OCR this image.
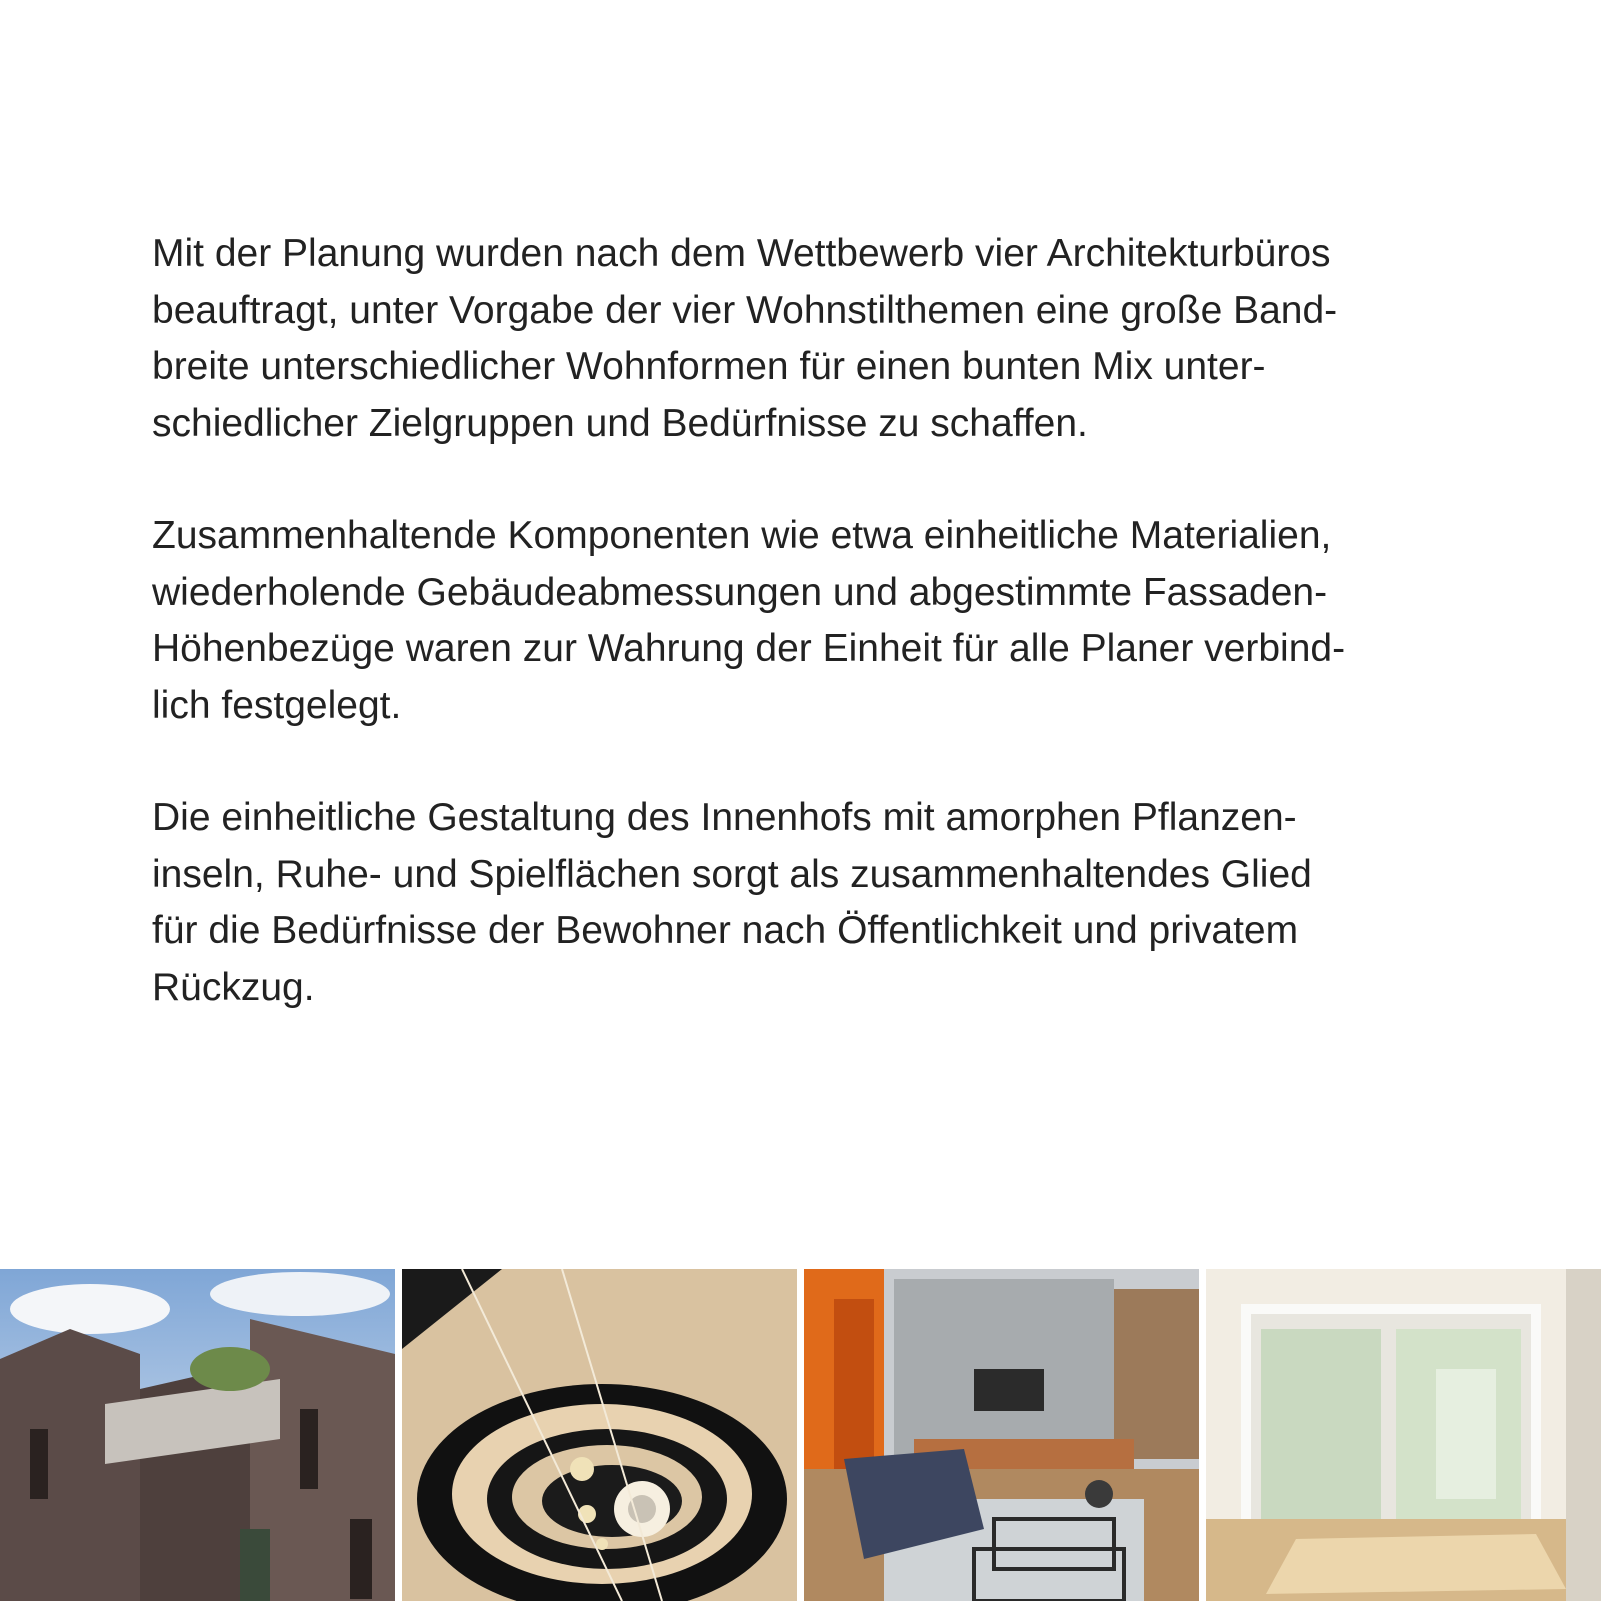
Mit der Planung wurden nach dem Wettbewerb vier Architekturbüros
beauftragt, unter Vorgabe der vier Wohnstilthemen eine große Band-
breite unterschiedlicher Wohnformen für einen bunten Mix unter-
schiedlicher Zielgruppen und Bedürfnisse zu schaffen.

Zusammenhaltende Komponenten wie etwa einheitliche Materialien,
wiederholende Gebäudeabmessungen und abgestimmte Fassaden-
Höhenbezüge waren zur Wahrung der Einheit für alle Planer verbind-
lich festgelegt.

Die einheitliche Gestaltung des Innenhofs mit amorphen Pflanzen-
inseln, Ruhe- und Spielflächen sorgt als zusammenhaltendes Glied
für die Bedürfnisse der Bewohner nach Öffentlichkeit und privatem
Rückzug.
